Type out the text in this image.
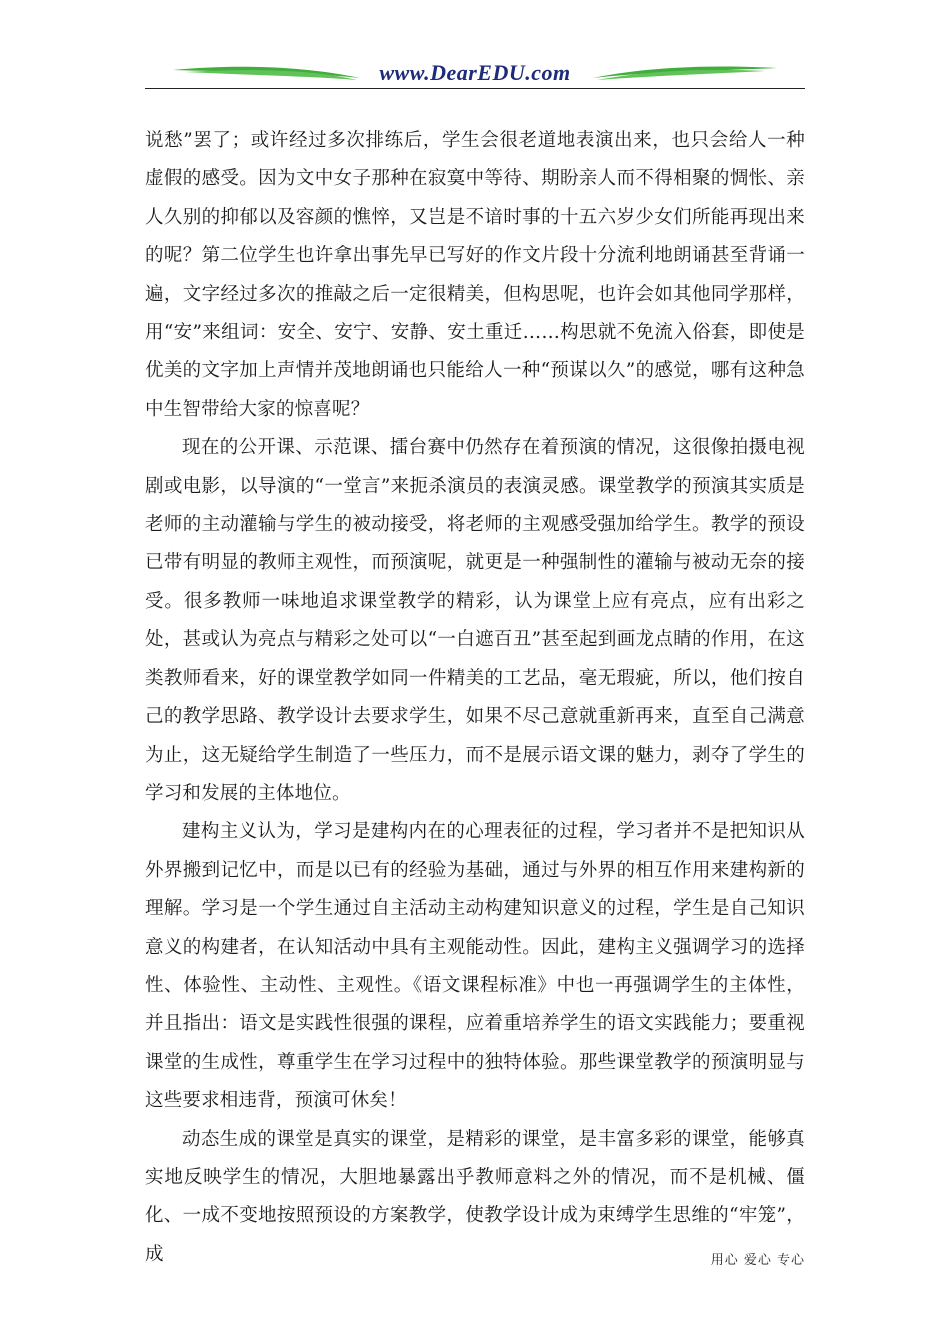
www.DearEDU.com

说愁”罢了；或许经过多次排练后，学生会很老道地表演出来，也只会给人一种虚假的感受。因为文中女子那种在寂寞中等待、期盼亲人而不得相聚的惆怅、亲人久别的抑郁以及容颜的憔悴，又岂是不谙时事的十五六岁少女们所能再现出来的呢？第二位学生也许拿出事先早已写好的作文片段十分流利地朗诵甚至背诵一遍，文字经过多次的推敲之后一定很精美，但构思呢，也许会如其他同学那样，用“安”来组词：安全、安宁、安静、安土重迁……构思就不免流入俗套，即使是优美的文字加上声情并茂地朗诵也只能给人一种“预谋以久”的感觉，哪有这种急中生智带给大家的惊喜呢？

现在的公开课、示范课、擂台赛中仍然存在着预演的情况，这很像拍摄电视剧或电影，以导演的“一堂言”来扼杀演员的表演灵感。课堂教学的预演其实质是老师的主动灌输与学生的被动接受，将老师的主观感受强加给学生。教学的预设已带有明显的教师主观性，而预演呢，就更是一种强制性的灌输与被动无奈的接受。很多教师一味地追求课堂教学的精彩，认为课堂上应有亮点，应有出彩之处，甚或认为亮点与精彩之处可以“一白遮百丑”甚至起到画龙点睛的作用，在这类教师看来，好的课堂教学如同一件精美的工艺品，毫无瑕疵，所以，他们按自己的教学思路、教学设计去要求学生，如果不尽己意就重新再来，直至自己满意为止，这无疑给学生制造了一些压力，而不是展示语文课的魅力，剥夺了学生的学习和发展的主体地位。

建构主义认为，学习是建构内在的心理表征的过程，学习者并不是把知识从外界搬到记忆中，而是以已有的经验为基础，通过与外界的相互作用来建构新的理解。学习是一个学生通过自主活动主动构建知识意义的过程，学生是自己知识意义的构建者，在认知活动中具有主观能动性。因此，建构主义强调学习的选择性、体验性、主动性、主观性。《语文课程标准》中也一再强调学生的主体性，并且指出：语文是实践性很强的课程，应着重培养学生的语文实践能力；要重视课堂的生成性，尊重学生在学习过程中的独特体验。那些课堂教学的预演明显与这些要求相违背，预演可休矣！

动态生成的课堂是真实的课堂，是精彩的课堂，是丰富多彩的课堂，能够真实地反映学生的情况，大胆地暴露出乎教师意料之外的情况，而不是机械、僵化、一成不变地按照预设的方案教学，使教学设计成为束缚学生思维的“牢笼”，成	用心 爱心 专心
